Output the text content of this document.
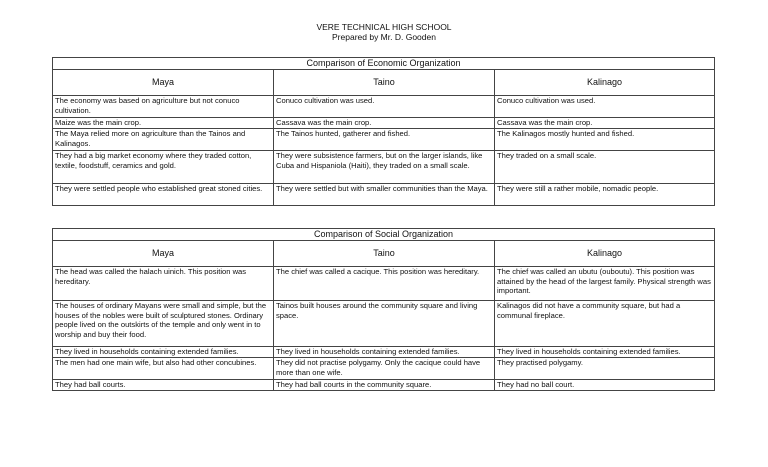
VERE TECHNICAL HIGH SCHOOL
Prepared by Mr. D. Gooden
Comparison of Economic Organization		
Maya	Taino	Kalinago
The economy was based on agriculture but not conuco cultivation.	Conuco cultivation was used.	Conuco cultivation was used.
Maize was the main crop.	Cassava was the main crop.	Cassava was the main crop.
The Maya relied more on agriculture than the Tainos and Kalinagos.	The Tainos hunted, gatherer and fished.	The Kalinagos mostly hunted and fished.
They had a big market economy where they traded cotton, textile, foodstuff, ceramics and gold.	They were subsistence farmers, but on the larger islands, like Cuba and Hispaniola (Haiti), they traded on a small scale.	They traded on a small scale.
They were settled people who established great stoned cities.	They were settled but with smaller communities than the Maya.	They were still a rather mobile, nomadic people.
Comparison of Social Organization		
Maya	Taino	Kalinago
The head was called the halach uinich. This position was hereditary.	The chief was called a cacique. This position was hereditary.	The chief was called an ubutu (ouboutu). This position was attained by the head of the largest family. Physical strength was important.
The houses of ordinary Mayans were small and simple, but the houses of the nobles were built of sculptured stones. Ordinary people lived on the outskirts of the temple and only went in to worship and buy their food.	Tainos built houses around the community square and living space.	Kalinagos did not have a community square, but had a communal fireplace.
They lived in households containing extended families.	They lived in households containing extended families.	They lived in households containing extended families.
The men had one main wife, but also had other concubines.	They did not practise polygamy. Only the cacique could have more than one wife.	They practised polygamy.
They had ball courts.	They had ball courts in the community square.	They had no ball court.
